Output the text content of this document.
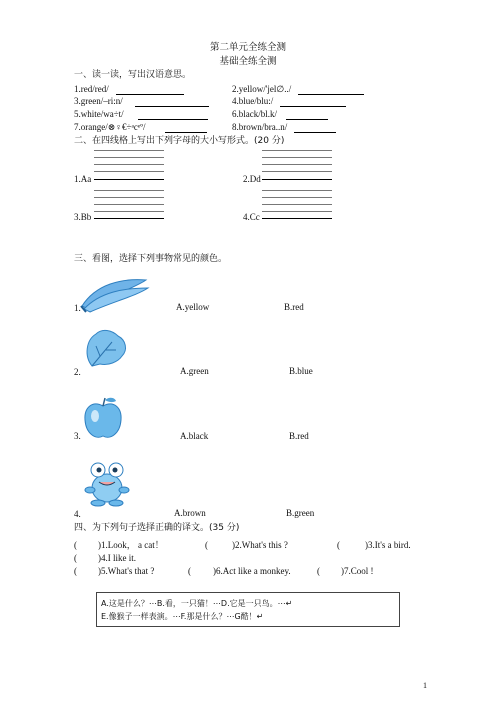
第二单元全练全测
基础全练全测
一、读一读，写出汉语意思。
1.red/red/	2.yellow/'jel∅../
3.green/–ri:n/	4.blue/blu:/
5.white/wa÷t/	6.black/bl.k/
7.orange/⊗♀€÷ᵃcᵉº/	8.brown/bra..n/
二、在四线格上写出下列字母的大小写形式。(20 分)
1.Aa	2.Dd
3.Bb	4.Cc
三、看图，选择下列事物常见的颜色。
1.	A.yellow	B.red
2.	A.green	B.blue
3.	A.black	B.red
4.	A.brown	B.green
四、为下列句子选择正确的译文。(35 分)
( )1.Look， a cat！	(	)2.What's this ?	(	)3.It's a bird.
( )4.I like it.
( )5.What's that ?	( )6.Act like a monkey.	( )7.Cool !
A.这是什么？⋯B.看，一只猫！⋯D.它是一只鸟。⋯↵
E.像猴子一样表演。⋯F.那是什么？⋯G酷！↵
1
